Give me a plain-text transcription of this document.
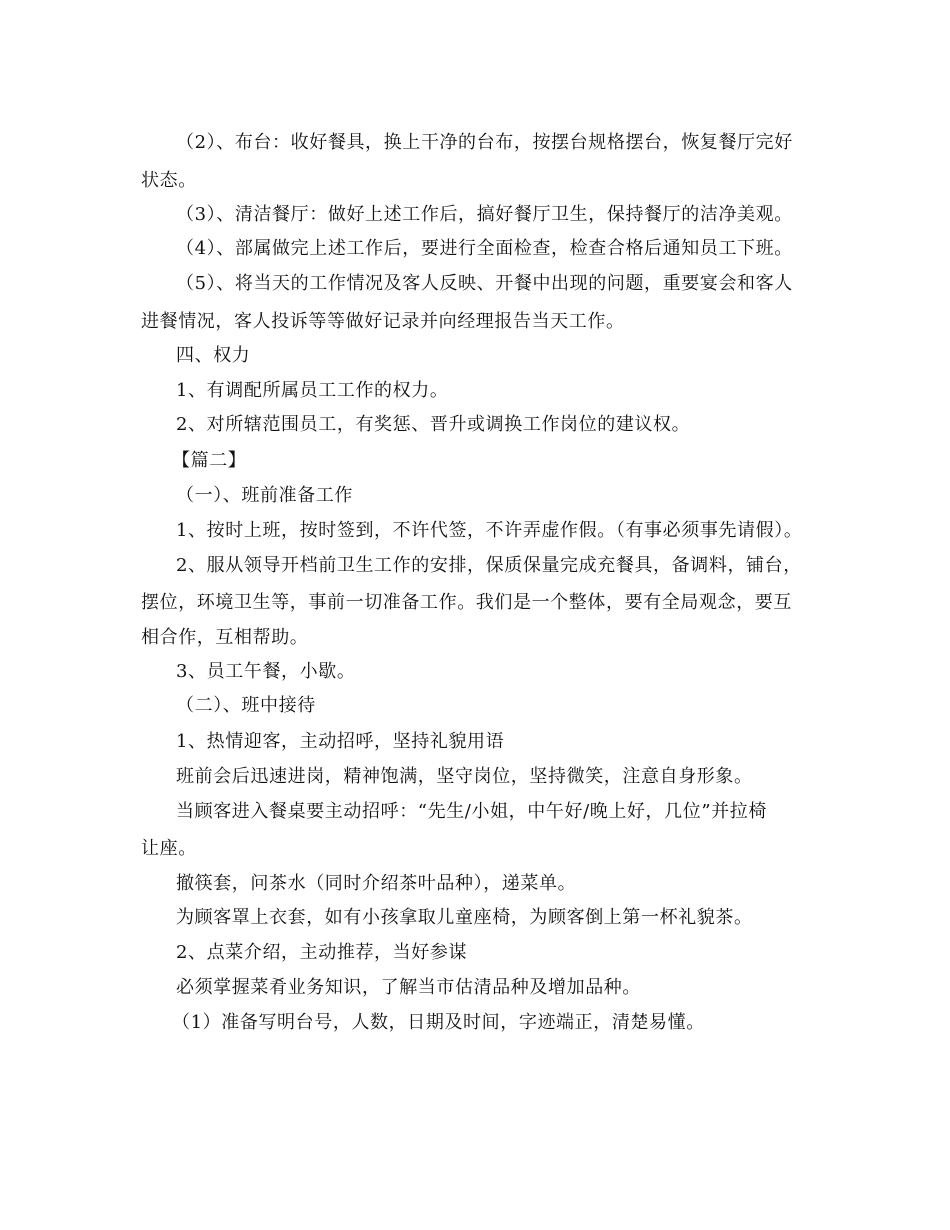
（2）、布台：收好餐具，换上干净的台布，按摆台规格摆台，恢复餐厅完好
状态。
（3）、清洁餐厅：做好上述工作后，搞好餐厅卫生，保持餐厅的洁净美观。
（4）、部属做完上述工作后，要进行全面检查，检查合格后通知员工下班。
（5）、将当天的工作情况及客人反映、开餐中出现的问题，重要宴会和客人
进餐情况，客人投诉等等做好记录并向经理报告当天工作。
四、权力
1、有调配所属员工工作的权力。
2、对所辖范围员工，有奖惩、晋升或调换工作岗位的建议权。
【篇二】
（一）、班前准备工作
1、按时上班，按时签到，不许代签，不许弄虚作假。（有事必须事先请假）。
2、服从领导开档前卫生工作的安排，保质保量完成充餐具，备调料，铺台，
摆位，环境卫生等，事前一切准备工作。我们是一个整体，要有全局观念，要互
相合作，互相帮助。
3、员工午餐，小歇。
（二）、班中接待
1、热情迎客，主动招呼，坚持礼貌用语
班前会后迅速进岗，精神饱满，坚守岗位，坚持微笑，注意自身形象。
当顾客进入餐桌要主动招呼：“先生/小姐，中午好/晚上好，几位”并拉椅
让座。
撤筷套，问茶水（同时介绍茶叶品种），递菜单。
为顾客罩上衣套，如有小孩拿取儿童座椅，为顾客倒上第一杯礼貌茶。
2、点菜介绍，主动推荐，当好参谋
必须掌握菜肴业务知识，了解当市估清品种及增加品种。
（1）准备写明台号，人数，日期及时间，字迹端正，清楚易懂。
